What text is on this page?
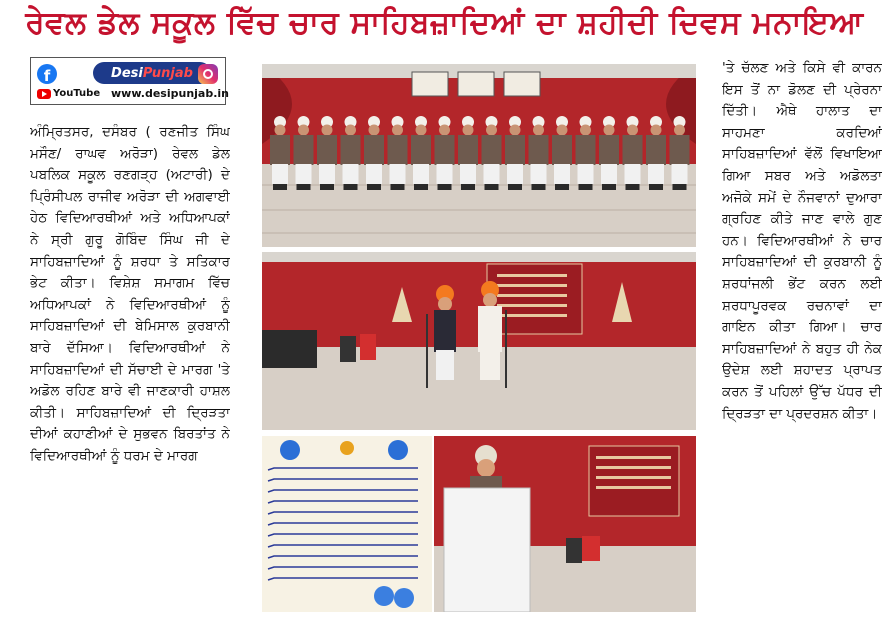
ਰੇਵਲ ਡੇਲ ਸਕੂਲ ਵਿੱਚ ਚਾਰ ਸਾਹਿਬਜ਼ਾਦਿਆਂ ਦਾ ਸ਼ਹੀਦੀ ਦਿਵਸ ਮਨਾਇਆ
f	Desi Punjab
YouTube www.desipunjab.in
ਅੰਮ੍ਰਿਤਸਰ, ਦਸੰਬਰ ( ਰਣਜੀਤ ਸਿੰਘ ਮਸੌਣ/ ਰਾਘਵ ਅਰੋੜਾ) ਰੇਵਲ ਡੇਲ ਪਬਲਿਕ ਸਕੂਲ ਰਣਗੜ੍ਹ (ਅਟਾਰੀ) ਦੇ ਪ੍ਰਿੰਸੀਪਲ ਰਾਜੀਵ ਅਰੋੜਾ ਦੀ ਅਗਵਾਈ ਹੇਠ ਵਿਦਿਆਰਥੀਆਂ ਅਤੇ ਅਧਿਆਪਕਾਂ ਨੇ ਸ੍ਰੀ ਗੁਰੂ ਗੋਬਿੰਦ ਸਿੰਘ ਜੀ ਦੇ ਸਾਹਿਬਜ਼ਾਦਿਆਂ ਨੂੰ ਸ਼ਰਧਾ ਤੇ ਸਤਿਕਾਰ ਭੇਟ ਕੀਤਾ। ਵਿਸ਼ੇਸ਼ ਸਮਾਗਮ ਵਿੱਚ ਅਧਿਆਪਕਾਂ ਨੇ ਵਿਦਿਆਰਥੀਆਂ ਨੂੰ ਸਾਹਿਬਜ਼ਾਦਿਆਂ ਦੀ ਬੇਮਿਸਾਲ ਕੁਰਬਾਨੀ ਬਾਰੇ ਦੱਸਿਆ। ਵਿਦਿਆਰਥੀਆਂ ਨੇ ਸਾਹਿਬਜ਼ਾਦਿਆਂ ਦੀ ਸੱਚਾਈ ਦੇ ਮਾਰਗ 'ਤੇ ਅਡੋਲ ਰਹਿਣ ਬਾਰੇ ਵੀ ਜਾਣਕਾਰੀ ਹਾਸ਼ਲ ਕੀਤੀ। ਸਾਹਿਬਜ਼ਾਦਿਆਂ ਦੀ ਦ੍ਰਿੜਤਾ ਦੀਆਂ ਕਹਾਣੀਆਂ ਦੇ ਸੁਭਵਨ ਬਿਰਤਾਂਤ ਨੇ ਵਿਦਿਆਰਥੀਆਂ ਨੂੰ ਧਰਮ ਦੇ ਮਾਰਗ
'ਤੇ ਚੱਲਣ ਅਤੇ ਕਿਸੇ ਵੀ ਕਾਰਨ ਇਸ ਤੋਂ ਨਾ ਡੋਲਣ ਦੀ ਪ੍ਰੇਰਨਾ ਦਿੱਤੀ। ਐਥੇ ਹਾਲਾਤ ਦਾ ਸਾਹਮਣਾ ਕਰਦਿਆਂ ਸਾਹਿਬਜ਼ਾਦਿਆਂ ਵੱਲੋਂ ਵਿਖਾਇਆ ਗਿਆ ਸਬਰ ਅਤੇ ਅਡੋਲਤਾ ਅਜੋਕੇ ਸਮੇਂ ਦੇ ਨੌਜਵਾਨਾਂ ਦੁਆਰਾ ਗ੍ਰਹਿਣ ਕੀਤੇ ਜਾਣ ਵਾਲੇ ਗੁਣ ਹਨ। ਵਿਦਿਆਰਥੀਆਂ ਨੇ ਚਾਰ ਸਾਹਿਬਜ਼ਾਦਿਆਂ ਦੀ ਕੁਰਬਾਨੀ ਨੂੰ ਸ਼ਰਧਾਂਜਲੀ ਭੇਂਟ ਕਰਨ ਲਈ ਸ਼ਰਧਾਪੂਰਵਕ ਰਚਨਾਵਾਂ ਦਾ ਗਾਇਨ ਕੀਤਾ ਗਿਆ। ਚਾਰ ਸਾਹਿਬਜ਼ਾਦਿਆਂ ਨੇ ਬਹੁਤ ਹੀ ਨੇਕ ਉਦੇਸ਼ ਲਈ ਸ਼ਹਾਦਤ ਪ੍ਰਾਪਤ ਕਰਨ ਤੋਂ ਪਹਿਲਾਂ ਉੱਚ ਪੱਧਰ ਦੀ ਦ੍ਰਿੜਤਾ ਦਾ ਪ੍ਰਦਰਸ਼ਨ ਕੀਤਾ।
